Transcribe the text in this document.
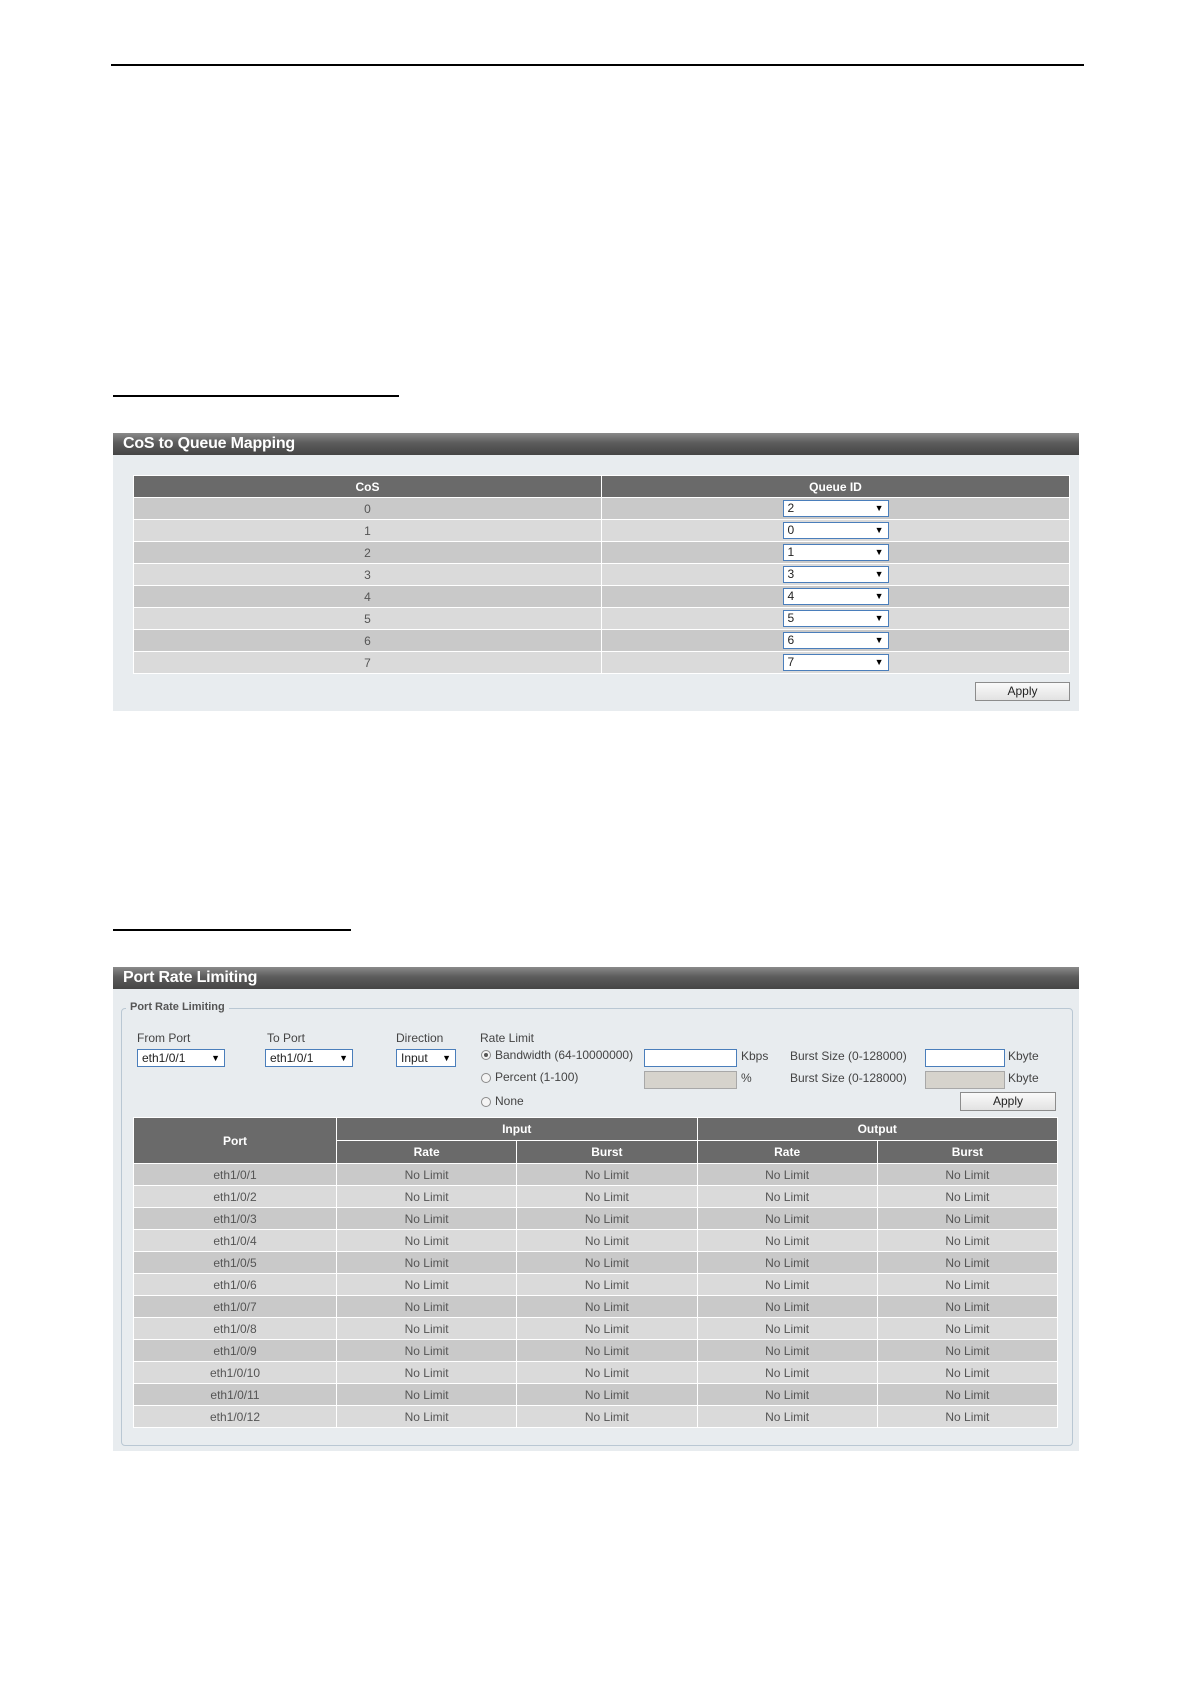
CoS to Queue Mapping
CoS	Queue ID
0	2 ▼

1	0 ▼

2	1 ▼

3	3 ▼

4	4 ▼

5	5 ▼

6	6 ▼

7	7 ▼
Apply
Port Rate Limiting
Port Rate Limiting
From Port
eth1/0/1	▼
To Port
eth1/0/1	▼
Direction
Input ▼
Rate Limit
Bandwidth (64-10000000)	Kbps
Percent (1-100)	%
None
Burst Size (0-128000)	Kbyte
Burst Size (0-128000)	Kbyte
Apply
Port	Input		Output	
	Rate	Burst	Rate	Burst
eth1/0/1	No Limit	No Limit	No Limit	No Limit
eth1/0/2	No Limit	No Limit	No Limit	No Limit
eth1/0/3	No Limit	No Limit	No Limit	No Limit
eth1/0/4	No Limit	No Limit	No Limit	No Limit
eth1/0/5	No Limit	No Limit	No Limit	No Limit
eth1/0/6	No Limit	No Limit	No Limit	No Limit
eth1/0/7	No Limit	No Limit	No Limit	No Limit
eth1/0/8	No Limit	No Limit	No Limit	No Limit
eth1/0/9	No Limit	No Limit	No Limit	No Limit
eth1/0/10	No Limit	No Limit	No Limit	No Limit
eth1/0/11	No Limit	No Limit	No Limit	No Limit
eth1/0/12	No Limit	No Limit	No Limit	No Limit
